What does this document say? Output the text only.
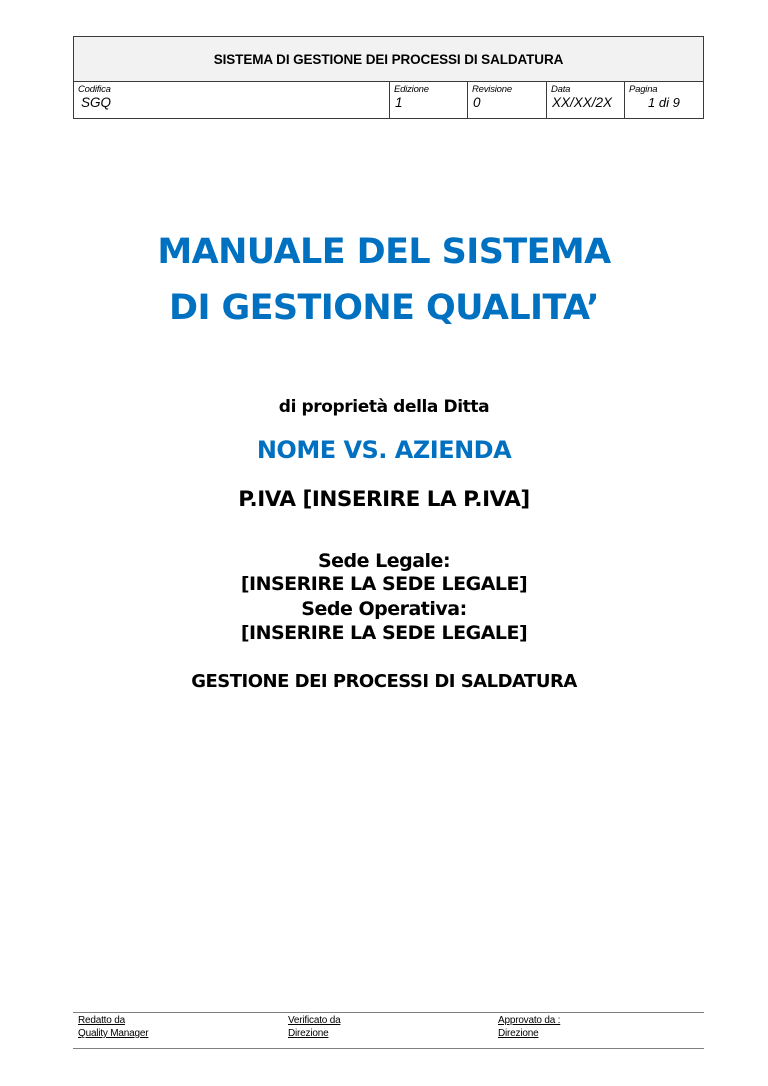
SISTEMA DI GESTIONE DEI PROCESSI DI SALDATURA
Codifica
SGQ
Edizione
1
Revisione
0
Data
XX/XX/2X
Pagina
1 di 9
MANUALE DEL SISTEMA
DI GESTIONE QUALITA’
di proprietà della Ditta
NOME VS. AZIENDA
P.IVA [INSERIRE LA P.IVA]
Sede Legale:
[INSERIRE LA SEDE LEGALE]
Sede Operativa:
[INSERIRE LA SEDE LEGALE]
GESTIONE DEI PROCESSI DI SALDATURA
Redatto da
Quality Manager
Verificato da
Direzione
Approvato da :
Direzione
